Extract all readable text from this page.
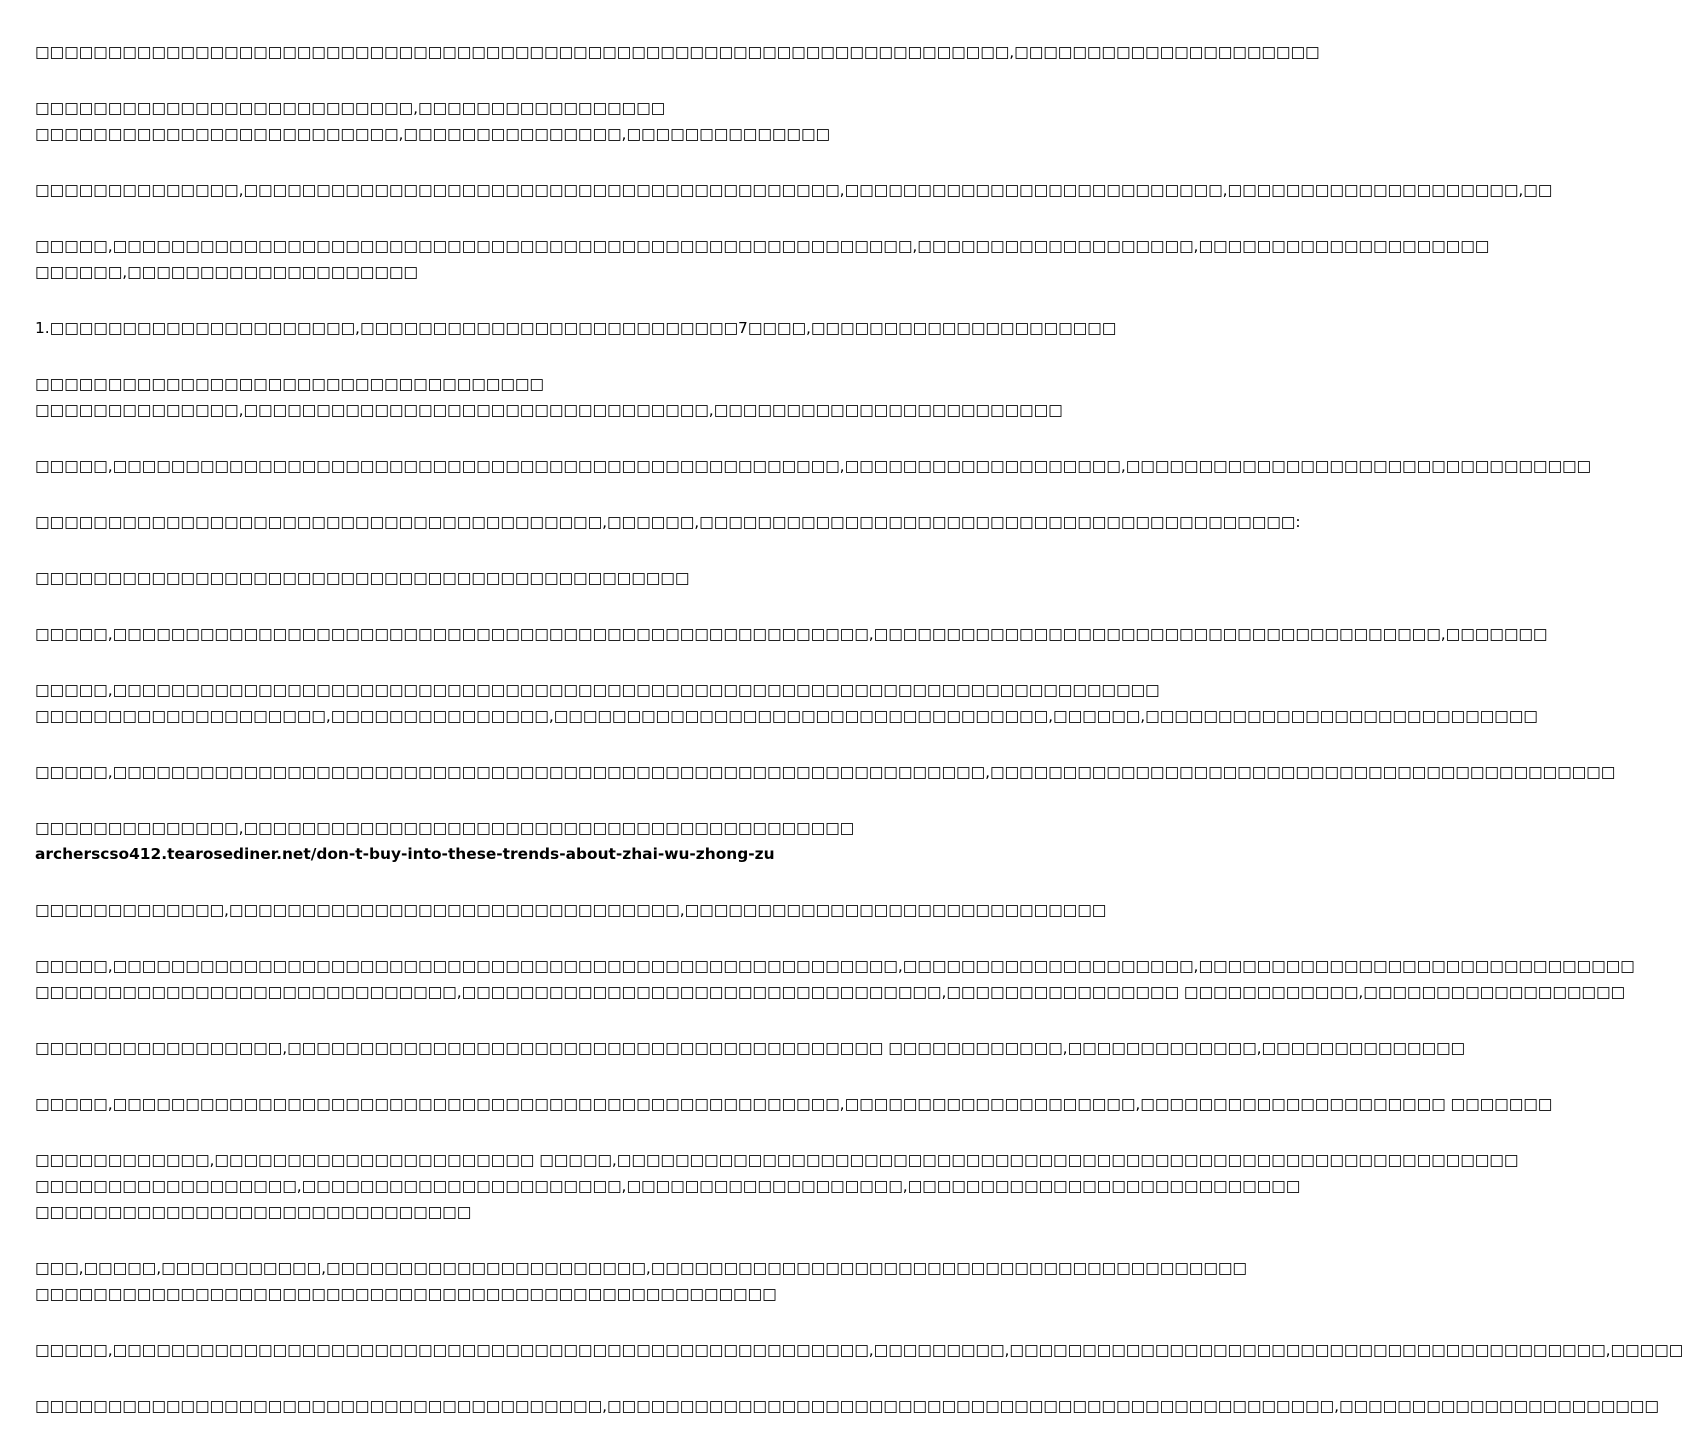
□□□□□□□□□□□□□□□□□□□□□□□□□□□□□□□□□□□□□□□□□□□□□□□□□□□□□□□□□□□□□□□□□□□,□□□□□□□□□□□□□□□□□□□□□

□□□□□□□□□□□□□□□□□□□□□□□□□□,□□□□□□□□□□□□□□□□□
□□□□□□□□□□□□□□□□□□□□□□□□□,□□□□□□□□□□□□□□□,□□□□□□□□□□□□□□

□□□□□□□□□□□□□□,□□□□□□□□□□□□□□□□□□□□□□□□□□□□□□□□□□□□□□□□□,□□□□□□□□□□□□□□□□□□□□□□□□□□,□□□□□□□□□□□□□□□□□□□□,□□

□□□□□,□□□□□□□□□□□□□□□□□□□□□□□□□□□□□□□□□□□□□□□□□□□□□□□□□□□□□□□,□□□□□□□□□□□□□□□□□□□,□□□□□□□□□□□□□□□□□□□□
□□□□□□,□□□□□□□□□□□□□□□□□□□□

1.□□□□□□□□□□□□□□□□□□□□□,□□□□□□□□□□□□□□□□□□□□□□□□□□7□□□□,□□□□□□□□□□□□□□□□□□□□□

□□□□□□□□□□□□□□□□□□□□□□□□□□□□□□□□□□□
□□□□□□□□□□□□□□,□□□□□□□□□□□□□□□□□□□□□□□□□□□□□□□□,□□□□□□□□□□□□□□□□□□□□□□□□

□□□□□,□□□□□□□□□□□□□□□□□□□□□□□□□□□□□□□□□□□□□□□□□□□□□□□□□□,□□□□□□□□□□□□□□□□□□□,□□□□□□□□□□□□□□□□□□□□□□□□□□□□□□□□

□□□□□□□□□□□□□□□□□□□□□□□□□□□□□□□□□□□□□□□,□□□□□□,□□□□□□□□□□□□□□□□□□□□□□□□□□□□□□□□□□□□□□□□□:

□□□□□□□□□□□□□□□□□□□□□□□□□□□□□□□□□□□□□□□□□□□□□

□□□□□,□□□□□□□□□□□□□□□□□□□□□□□□□□□□□□□□□□□□□□□□□□□□□□□□□□□□,□□□□□□□□□□□□□□□□□□□□□□□□□□□□□□□□□□□□□□□,□□□□□□□

□□□□□,□□□□□□□□□□□□□□□□□□□□□□□□□□□□□□□□□□□□□□□□□□□□□□□□□□□□□□□□□□□□□□□□□□□□□□□□
□□□□□□□□□□□□□□□□□□□□,□□□□□□□□□□□□□□□,□□□□□□□□□□□□□□□□□□□□□□□□□□□□□□□□□□,□□□□□□,□□□□□□□□□□□□□□□□□□□□□□□□□□□

□□□□□,□□□□□□□□□□□□□□□□□□□□□□□□□□□□□□□□□□□□□□□□□□□□□□□□□□□□□□□□□□□□,□□□□□□□□□□□□□□□□□□□□□□□□□□□□□□□□□□□□□□□□□□□

□□□□□□□□□□□□□□,□□□□□□□□□□□□□□□□□□□□□□□□□□□□□□□□□□□□□□□□□□ archerscso412.tearosediner.net/don-t-buy-into-these-trends-about-zhai-wu-zhong-zu

□□□□□□□□□□□□□,□□□□□□□□□□□□□□□□□□□□□□□□□□□□□□□,□□□□□□□□□□□□□□□□□□□□□□□□□□□□□

□□□□□,□□□□□□□□□□□□□□□□□□□□□□□□□□□□□□□□□□□□□□□□□□□□□□□□□□□□□□,□□□□□□□□□□□□□□□□□□□□,□□□□□□□□□□□□□□□□□□□□□□□□□□□□□□
□□□□□□□□□□□□□□□□□□□□□□□□□□□□□,□□□□□□□□□□□□□□□□□□□□□□□□□□□□□□□□□,□□□□□□□□□□□□□□□□ □□□□□□□□□□□□,□□□□□□□□□□□□□□□□□□

□□□□□□□□□□□□□□□□□,□□□□□□□□□□□□□□□□□□□□□□□□□□□□□□□□□□□□□□□□□ □□□□□□□□□□□□,□□□□□□□□□□□□□,□□□□□□□□□□□□□□

□□□□□,□□□□□□□□□□□□□□□□□□□□□□□□□□□□□□□□□□□□□□□□□□□□□□□□□□,□□□□□□□□□□□□□□□□□□□□,□□□□□□□□□□□□□□□□□□□□□ □□□□□□□

□□□□□□□□□□□□,□□□□□□□□□□□□□□□□□□□□□□ □□□□□,□□□□□□□□□□□□□□□□□□□□□□□□□□□□□□□□□□□□□□□□□□□□□□□□□□□□□□□□□□□□□□
□□□□□□□□□□□□□□□□□□,□□□□□□□□□□□□□□□□□□□□□□,□□□□□□□□□□□□□□□□□□□,□□□□□□□□□□□□□□□□□□□□□□□□□□□
□□□□□□□□□□□□□□□□□□□□□□□□□□□□□□

□□□,□□□□□,□□□□□□□□□□□,□□□□□□□□□□□□□□□□□□□□□□,□□□□□□□□□□□□□□□□□□□□□□□□□□□□□□□□□□□□□□□□□
□□□□□□□□□□□□□□□□□□□□□□□□□□□□□□□□□□□□□□□□□□□□□□□□□□□

□□□□□,□□□□□□□□□□□□□□□□□□□□□□□□□□□□□□□□□□□□□□□□□□□□□□□□□□□□,□□□□□□□□□,□□□□□□□□□□□□□□□□□□□□□□□□□□□□□□□□□□□□□□□□□,□□□□□

□□□□□□□□□□□□□□□□□□□□□□□□□□□□□□□□□□□□□□□,□□□□□□□□□□□□□□□□□□□□□□□□□□□□□□□□□□□□□□□□□□□□□□□□□□,□□□□□□□□□□□□□□□□□□□□□□
